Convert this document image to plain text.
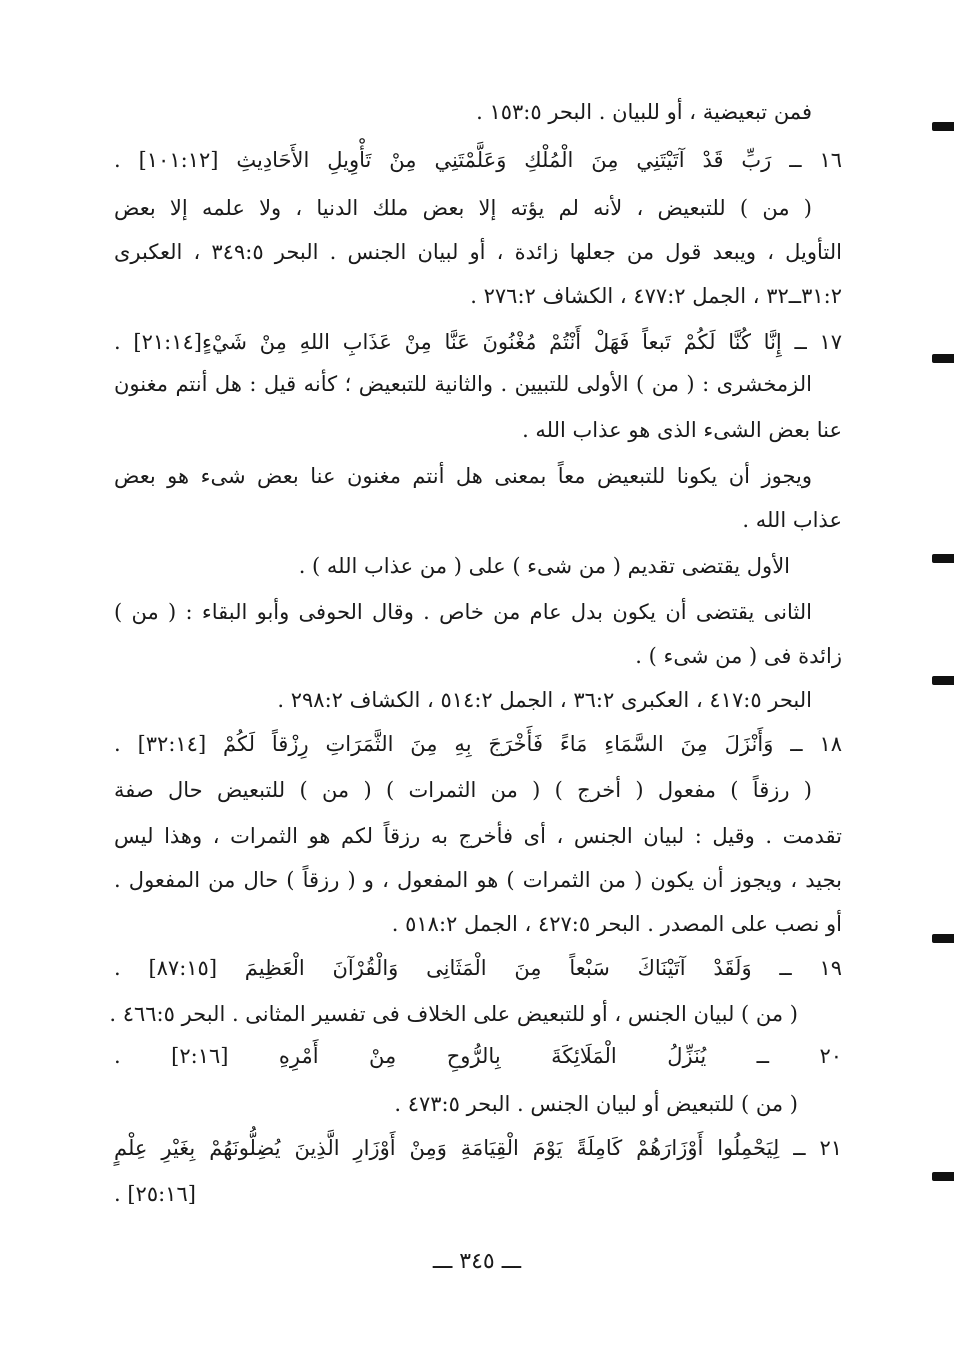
فمن تبعيضية ، أو للبيان . البحر ١٥٣:٥ .
١٦ ــ رَبِّ قَدْ آتَيْتَنِي مِنَ الْمُلْكِ وَعَلَّمْتَنِي مِنْ تَأْوِيلِ الأَحَادِيثِ [١٠١:١٢] .
( من ) للتبعيض ، لأنه لم يؤته إلا بعض ملك الدنيا ، ولا علمه إلا بعض
التأويل ، ويبعد قول من جعلها زائدة ، أو لبيان الجنس . البحر ٣٤٩:٥ ، العكبرى
٣١:٢ــ٣٢ ، الجمل ٤٧٧:٢ ، الكشاف ٢٧٦:٢ .
١٧ ــ إِنَّا كُنَّا لَكُمْ تَبعاً فَهَلْ أَنْتُمْ مُغْنُونَ عَنَّا مِنْ عَذَابِ اللهِ مِنْ شَيْءٍ[٢١:١٤] .
الزمخشرى : ( من ) الأولى للتبيين . والثانية للتبعيض ؛ كأنه قيل : هل أنتم مغنون
عنا بعض الشىء الذى هو عذاب الله .
ويجوز أن يكونا للتبعيض معاً بمعنى هل أنتم مغنون عنا بعض شىء هو بعض
عذاب الله .
الأول يقتضى تقديم ( من شىء ) على ( من عذاب الله ) .
الثانى يقتضى أن يكون بدل عام من خاص . وقال الحوفى وأبو البقاء : ( من )
زائدة فى ( من شىء ) .
البحر ٤١٧:٥ ، العكبرى ٣٦:٢ ، الجمل ٥١٤:٢ ، الكشاف ٢٩٨:٢ .
١٨ ــ وَأَنْزَلَ مِنَ السَّمَاءِ مَاءً فَأَخْرَجَ بِهِ مِنَ الثَّمَرَاتِ رِزْقاً لَكُمْ [٣٢:١٤] .
( رزقاً ) مفعول ( أخرج ) ( من الثمرات ) ( من ) للتبعيض حال صفة
تقدمت . وقيل : لبيان الجنس ، أى فأخرج به رزقاً لكم هو الثمرات ، وهذا ليس
بجيد ، ويجوز أن يكون ( من الثمرات ) هو المفعول ، و ( رزقاً ) حال من المفعول .
أو نصب على المصدر . البحر ٤٢٧:٥ ، الجمل ٥١٨:٢ .
١٩ ــ وَلَقَدْ آتَيْنَاكَ سَبْعاً مِنَ الْمَثَانِى وَالْقُرْآنَ الْعَظِيمَ [٨٧:١٥] .
( من ) لبيان الجنس ، أو للتبعيض على الخلاف فى تفسير المثانى . البحر ٤٦٦:٥ .
٢٠ ــ يُنَزِّلُ الْمَلَائِكَةَ بِالرُّوحِ مِنْ أَمْرِهِ [٢:١٦] .
( من ) للتبعيض أو لبيان الجنس . البحر ٤٧٣:٥ .
٢١ ــ لِيَحْمِلُوا أَوْزَارَهُمْ كَامِلَةً يَوْمَ الْقِيَامَةِ وَمِنْ أَوْزَارِ الَّذِينَ يُضِلُّونَهُمْ بِغَيْرِ عِلْمٍ
. [٢٥:١٦]
ـــ ٣٤٥ ـــ
